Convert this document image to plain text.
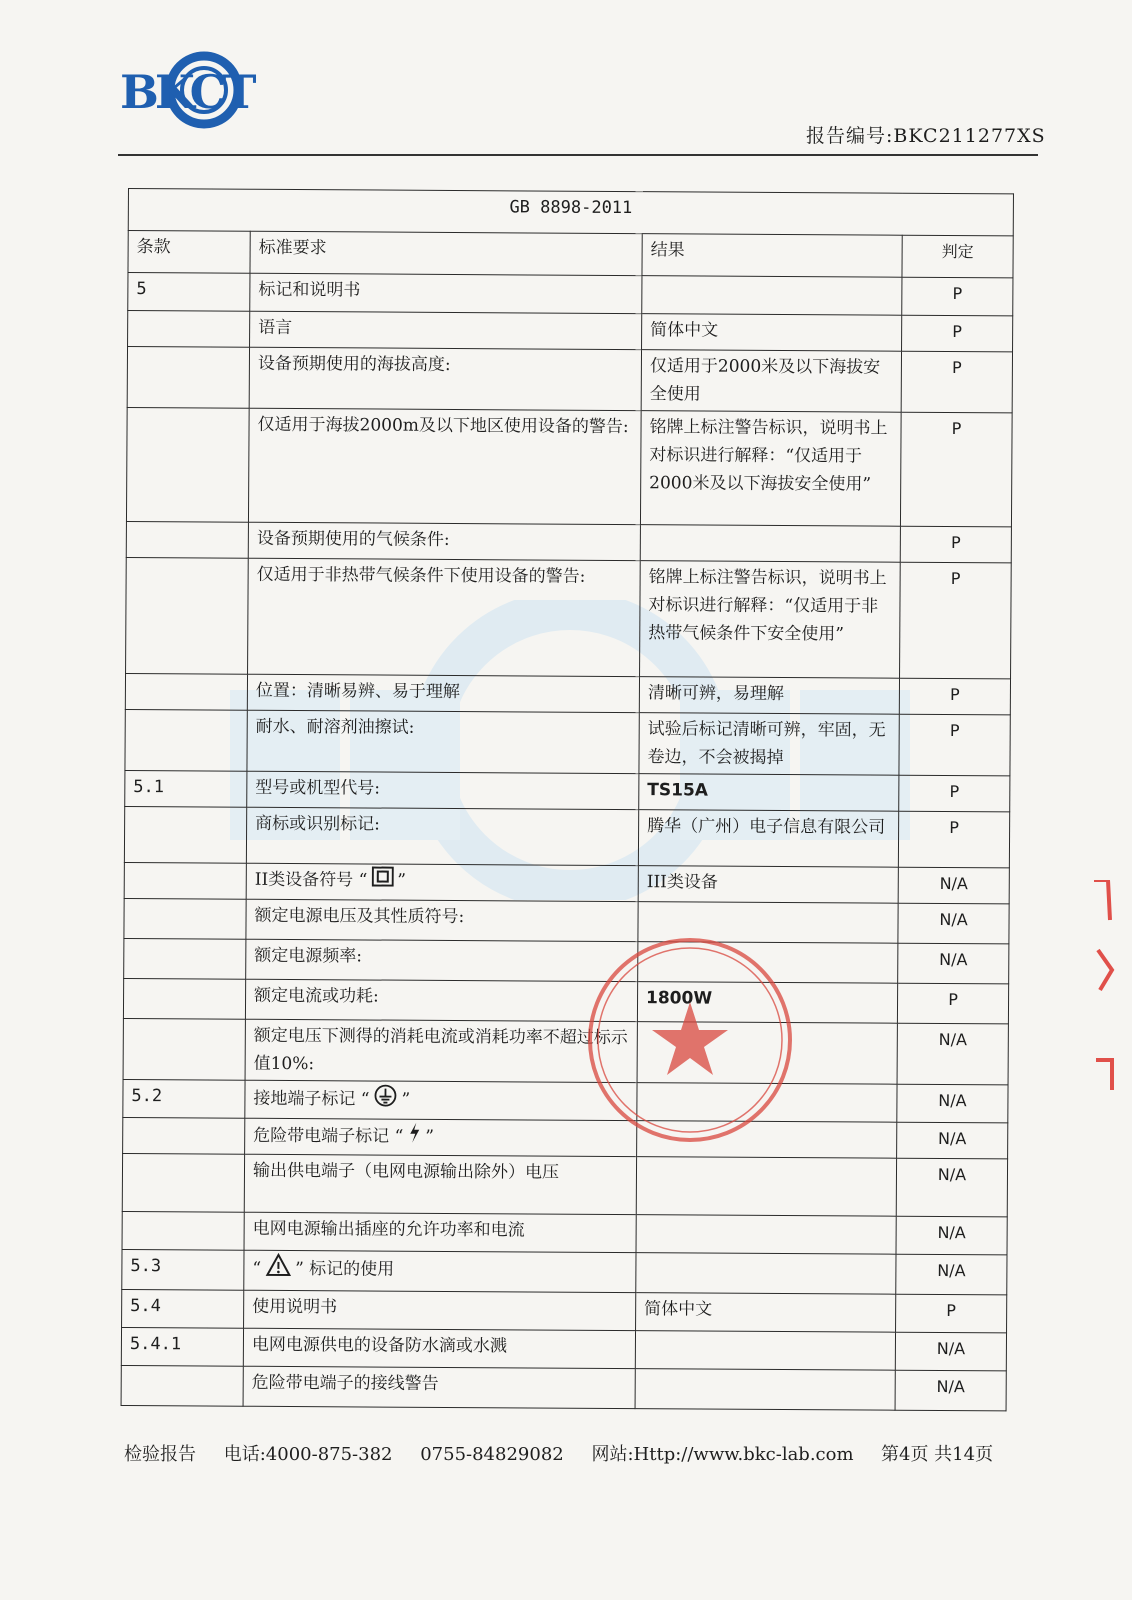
BKCT
报告编号:BKC211277XS
GB 8898-2011			
条款	标准要求	结果	判定
5	标记和说明书		P
	语言	简体中文	P
	设备预期使用的海拔高度:	仅适用于2000米及以下海拔安全使用	P
	仅适用于海拔2000m及以下地区使用设备的警告:	铭牌上标注警告标识，说明书上对标识进行解释：“仅适用于2000米及以下海拔安全使用”	P
	设备预期使用的气候条件:		P
	仅适用于非热带气候条件下使用设备的警告:	铭牌上标注警告标识，说明书上对标识进行解释：“仅适用于非热带气候条件下安全使用”	P
	位置：清晰易辨、易于理解	清晰可辨，易理解	P
	耐水、耐溶剂油擦试:	试验后标记清晰可辨，牢固，无卷边，不会被揭掉	P
5.1	型号或机型代号:	TS15A	P
	商标或识别标记:	腾华（广州）电子信息有限公司	P
	II类设备符号 “ ”	III类设备	N/A
	额定电源电压及其性质符号:		N/A
	额定电源频率:		N/A
	额定电流或功耗:	1800W	P
	额定电压下测得的消耗电流或消耗功率不超过标示值10%:		N/A
5.2	接地端子标记 “ ”		N/A
	危险带电端子标记 “ ”		N/A
	输出供电端子（电网电源输出除外）电压		N/A
	电网电源输出插座的允许功率和电流		N/A
5.3	“ ” 标记的使用		N/A
5.4	使用说明书	简体中文	P
5.4.1	电网电源供电的设备防水滴或水溅		N/A
	危险带电端子的接线警告		N/A
检验报告 电话:4000-875-382 0755-84829082 网站:Http://www.bkc-lab.com 第4页 共14页
